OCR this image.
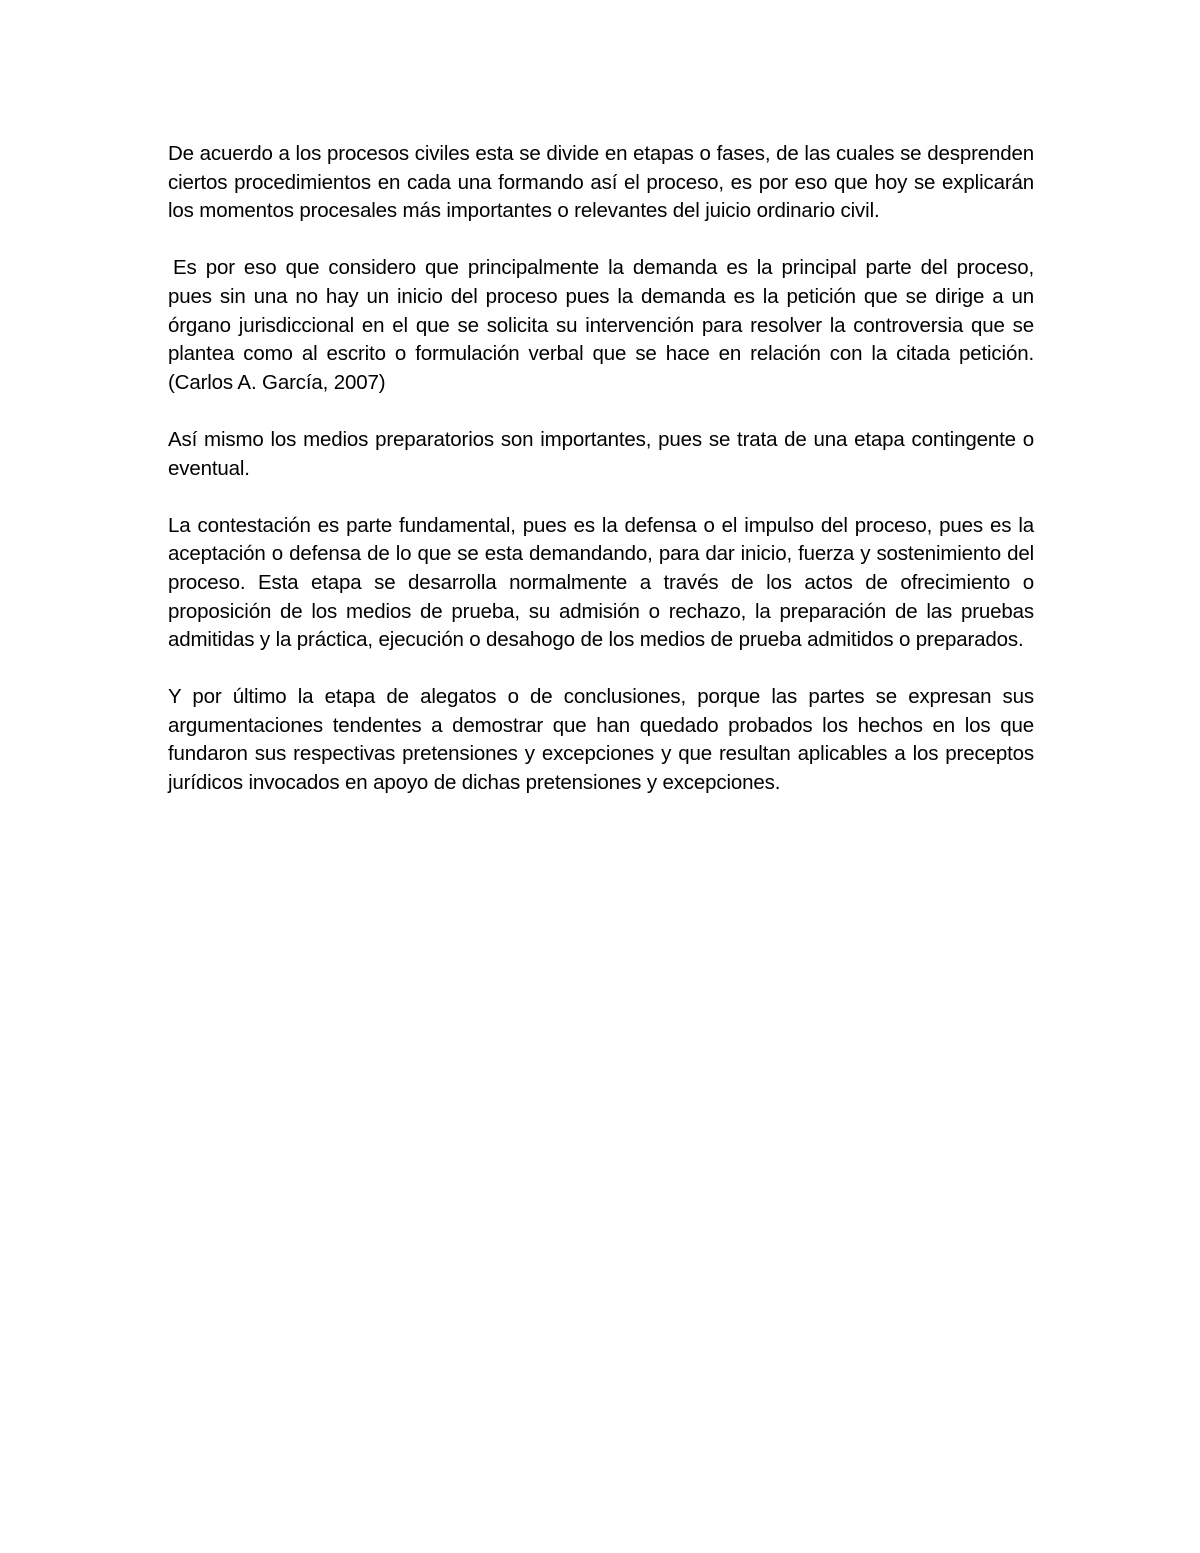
De acuerdo a los procesos civiles esta se divide en etapas o fases, de las cuales se desprenden ciertos procedimientos en cada una formando así el proceso, es por eso que hoy se explicarán los momentos procesales más importantes o relevantes del juicio ordinario civil.

Es por eso que considero que principalmente la demanda es la principal parte del proceso, pues sin una no hay un inicio del proceso pues la demanda es la petición que se dirige a un órgano jurisdiccional en el que se solicita su intervención para resolver la controversia que se plantea como al escrito o formulación verbal que se hace en relación con la citada petición. (Carlos A. García, 2007)

Así mismo los medios preparatorios son importantes, pues se trata de una etapa contingente o eventual.

La contestación es parte fundamental, pues es la defensa o el impulso del proceso, pues es la aceptación o defensa de lo que se esta demandando, para dar inicio, fuerza y sostenimiento del proceso. Esta etapa se desarrolla normalmente a través de los actos de ofrecimiento o proposición de los medios de prueba, su admisión o rechazo, la preparación de las pruebas admitidas y la práctica, ejecución o desahogo de los medios de prueba admitidos o preparados.

Y por último la etapa de alegatos o de conclusiones, porque las partes se expresan sus argumentaciones tendentes a demostrar que han quedado probados los hechos en los que fundaron sus respectivas pretensiones y excepciones y que resultan aplicables a los preceptos jurídicos invocados en apoyo de dichas pretensiones y excepciones.
